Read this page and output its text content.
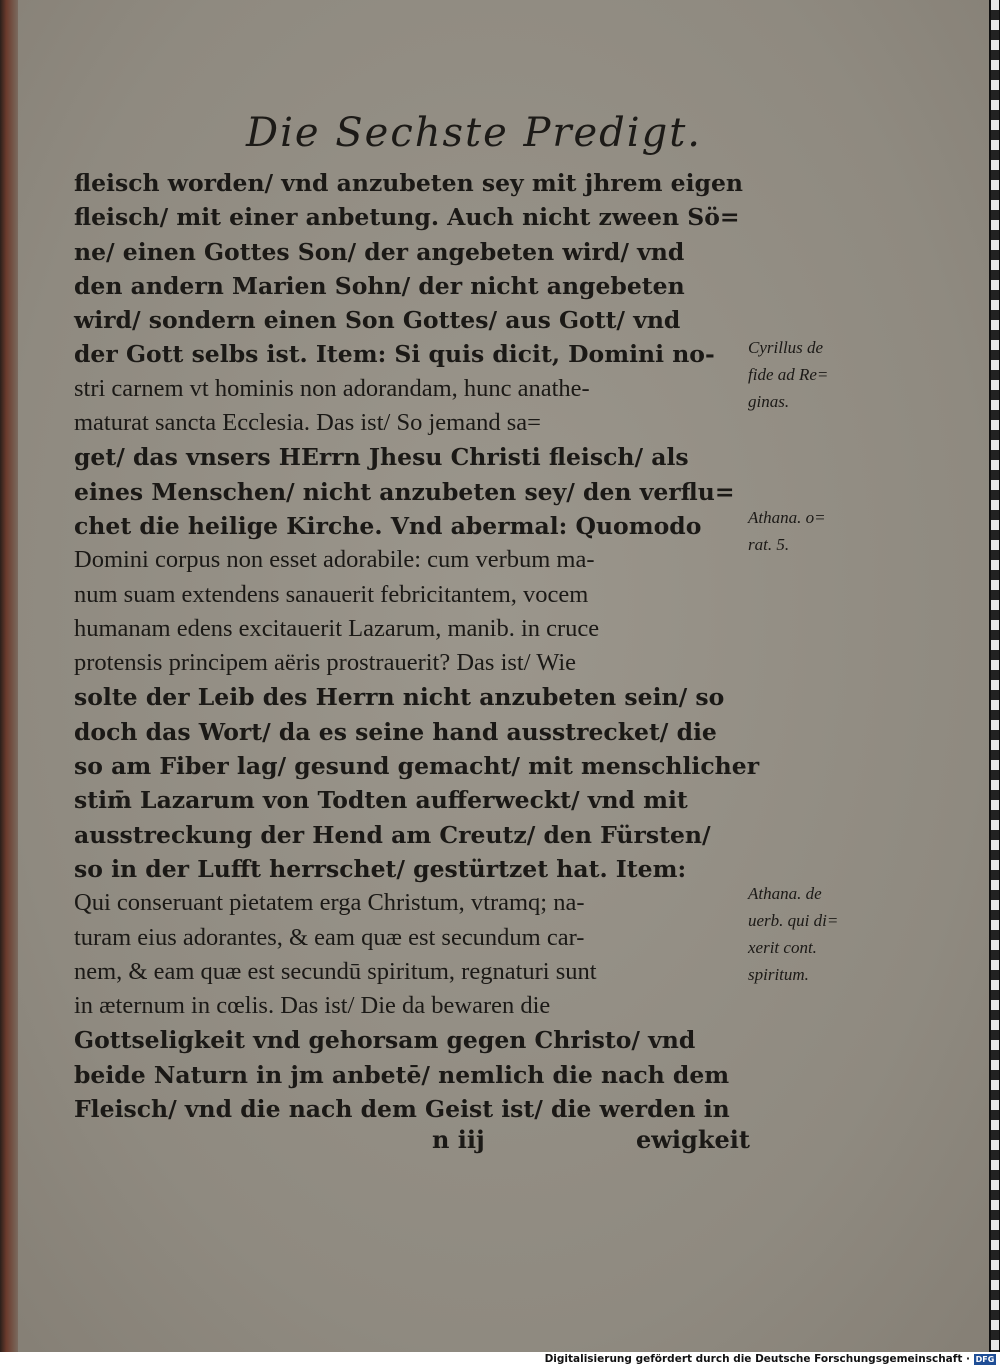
Die Sechste Predigt.
fleisch worden/ vnd anzubeten sey mit jhrem eigen
fleisch/ mit einer anbetung. Auch nicht zween Sö=
ne/ einen Gottes Son/ der angebeten wird/ vnd
den andern Marien Sohn/ der nicht angebeten
wird/ sondern einen Son Gottes/ aus Gott/ vnd
der Gott selbs ist. Item: Si quis dicit, Domini no-
stri carnem vt hominis non adorandam, hunc anathe-
maturat sancta Ecclesia. Das ist/ So jemand sa=
get/ das vnsers HErrn Jhesu Christi fleisch/ als
eines Menschen/ nicht anzubeten sey/ den verflu=
chet die heilige Kirche. Vnd abermal: Quomodo
Domini corpus non esset adorabile: cum verbum ma-
num suam extendens sanauerit febricitantem, vocem
humanam edens excitauerit Lazarum, manib. in cruce
protensis principem aëris prostrauerit? Das ist/ Wie
solte der Leib des Herrn nicht anzubeten sein/ so
doch das Wort/ da es seine hand ausstrecket/ die
so am Fiber lag/ gesund gemacht/ mit menschlicher
stim̄ Lazarum von Todten aufferweckt/ vnd mit
ausstreckung der Hend am Creutz/ den Fürsten/
so in der Lufft herrschet/ gestürtzet hat. Item:
Qui conseruant pietatem erga Christum, vtramq; na-
turam eius adorantes, & eam quæ est secundum car-
nem, & eam quæ est secundū spiritum, regnaturi sunt
in æternum in cœlis. Das ist/ Die da bewaren die
Gottseligkeit vnd gehorsam gegen Christo/ vnd
beide Naturn in jm anbetē/ nemlich die nach dem
Fleisch/ vnd die nach dem Geist ist/ die werden in
Cyrillus de
fide ad Re=
ginas.
Athana. o=
rat. 5.
Athana. de
uerb. qui di=
xerit cont.
spiritum.
n iij	ewigkeit
Digitalisierung gefördert durch die Deutsche Forschungsgemeinschaft · DFG
